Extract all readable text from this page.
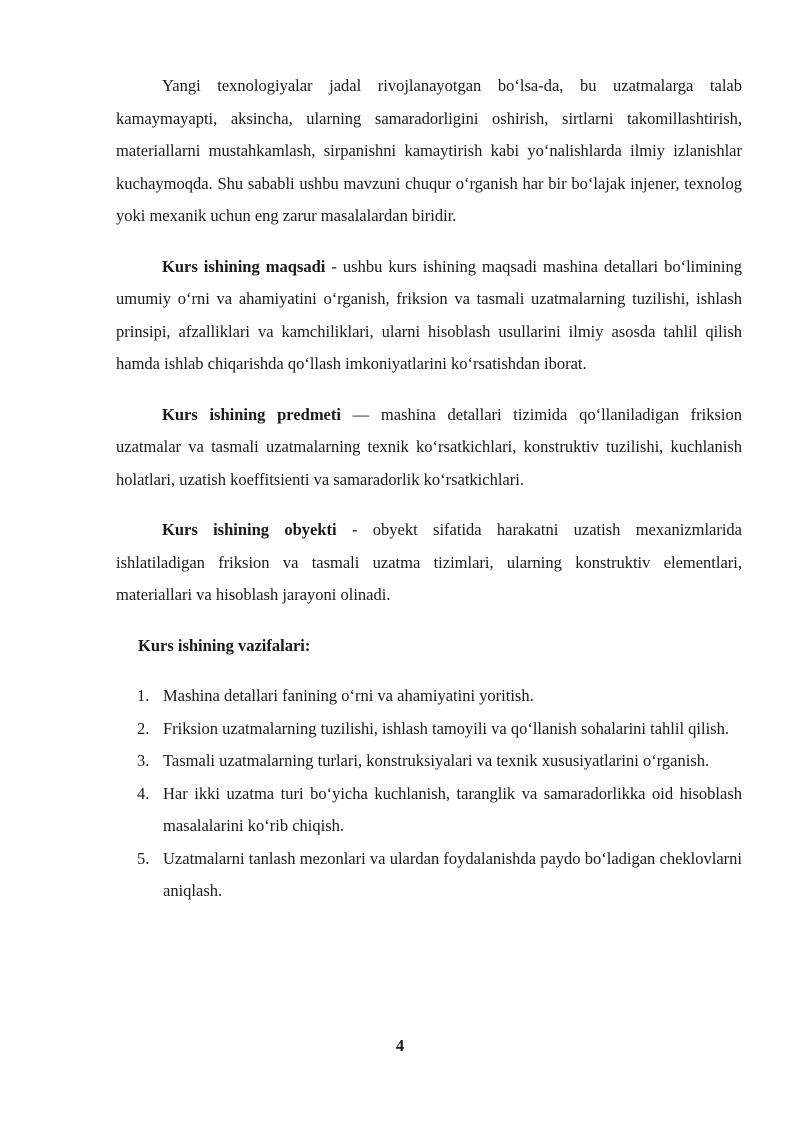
Yangi texnologiyalar jadal rivojlanayotgan bo‘lsa-da, bu uzatmalarga talab kamaymayapti, aksincha, ularning samaradorligini oshirish, sirtlarni takomillashtirish, materiallarni mustahkamlash, sirpanishni kamaytirish kabi yo‘nalishlarda ilmiy izlanishlar kuchaymoqda. Shu sababli ushbu mavzuni chuqur o‘rganish har bir bo‘lajak injener, texnolog yoki mexanik uchun eng zarur masalalardan biridir.

Kurs ishining maqsadi - ushbu kurs ishining maqsadi mashina detallari bo‘limining umumiy o‘rni va ahamiyatini o‘rganish, friksion va tasmali uzatmalarning tuzilishi, ishlash prinsipi, afzalliklari va kamchiliklari, ularni hisoblash usullarini ilmiy asosda tahlil qilish hamda ishlab chiqarishda qo‘llash imkoniyatlarini ko‘rsatishdan iborat.

Kurs ishining predmeti — mashina detallari tizimida qo‘llaniladigan friksion uzatmalar va tasmali uzatmalarning texnik ko‘rsatkichlari, konstruktiv tuzilishi, kuchlanish holatlari, uzatish koeffitsienti va samaradorlik ko‘rsatkichlari.

Kurs ishining obyekti - obyekt sifatida harakatni uzatish mexanizmlarida ishlatiladigan friksion va tasmali uzatma tizimlari, ularning konstruktiv elementlari, materiallari va hisoblash jarayoni olinadi.

Kurs ishining vazifalari:
1. Mashina detallari fanining o‘rni va ahamiyatini yoritish.
2. Friksion uzatmalarning tuzilishi, ishlash tamoyili va qo‘llanish sohalarini tahlil qilish.
3. Tasmali uzatmalarning turlari, konstruksiyalari va texnik xususiyatlarini o‘rganish.
4. Har ikki uzatma turi bo‘yicha kuchlanish, taranglik va samaradorlikka oid hisoblash masalalarini ko‘rib chiqish.
5. Uzatmalarni tanlash mezonlari va ulardan foydalanishda paydo bo‘ladigan cheklovlarni aniqlash.
4
